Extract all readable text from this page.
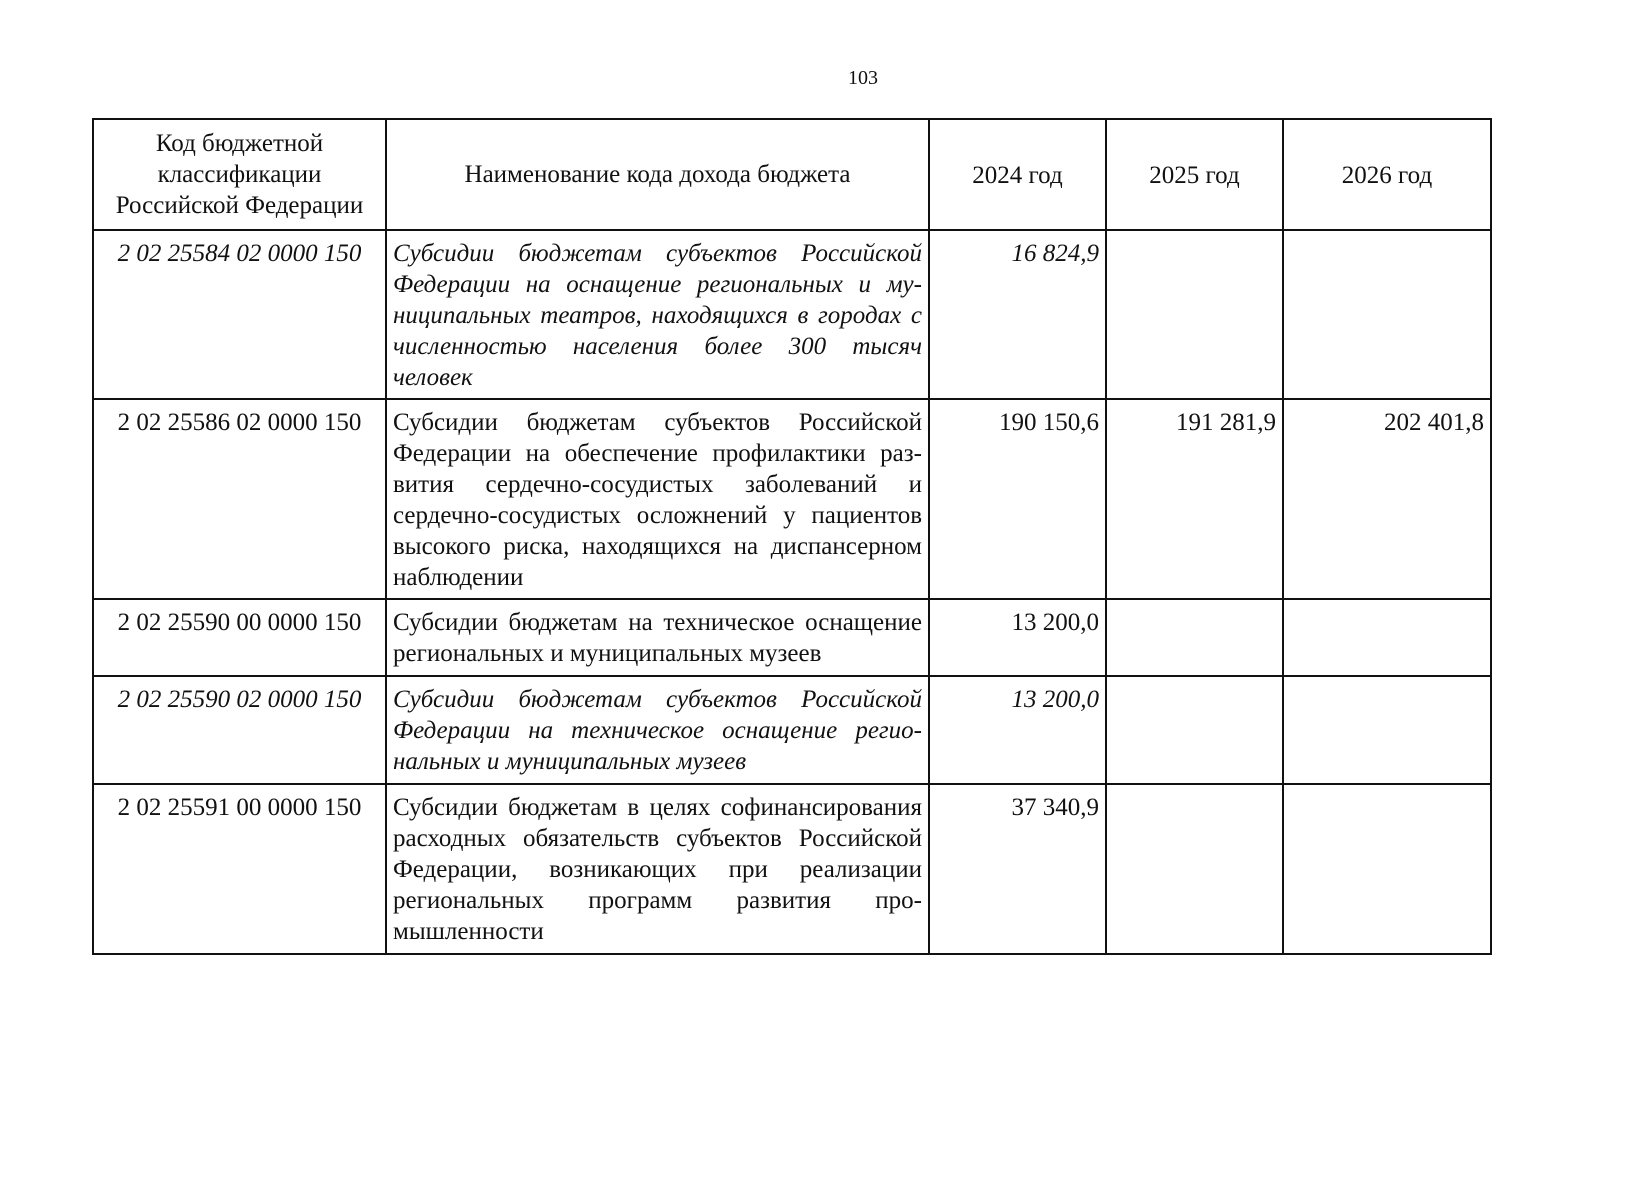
103
Код бюджетной классификации Российской Федерации	Наименование кода дохода бюджета	2024 год	2025 год	2026 год
2 02 25584 02 0000 150	Субсидии бюджетам субъектов Российской Федерации на оснащение региональных и муниципальных театров, находящихся в городах с численностью населения более 300 тысяч человек	16 824,9		
2 02 25586 02 0000 150	Субсидии бюджетам субъектов Российской Федерации на обеспечение профилактики развития сердечно-сосудистых заболеваний и сердечно-сосудистых осложнений у пациентов высокого риска, находящихся на диспансерном наблюдении	190 150,6	191 281,9	202 401,8
2 02 25590 00 0000 150	Субсидии бюджетам на техническое оснащение региональных и муниципальных музеев	13 200,0		
2 02 25590 02 0000 150	Субсидии бюджетам субъектов Российской Федерации на техническое оснащение региональных и муниципальных музеев	13 200,0		
2 02 25591 00 0000 150	Субсидии бюджетам в целях софинансирования расходных обязательств субъектов Российской Федерации, возникающих при реализации региональных программ развития промышленности	37 340,9		
